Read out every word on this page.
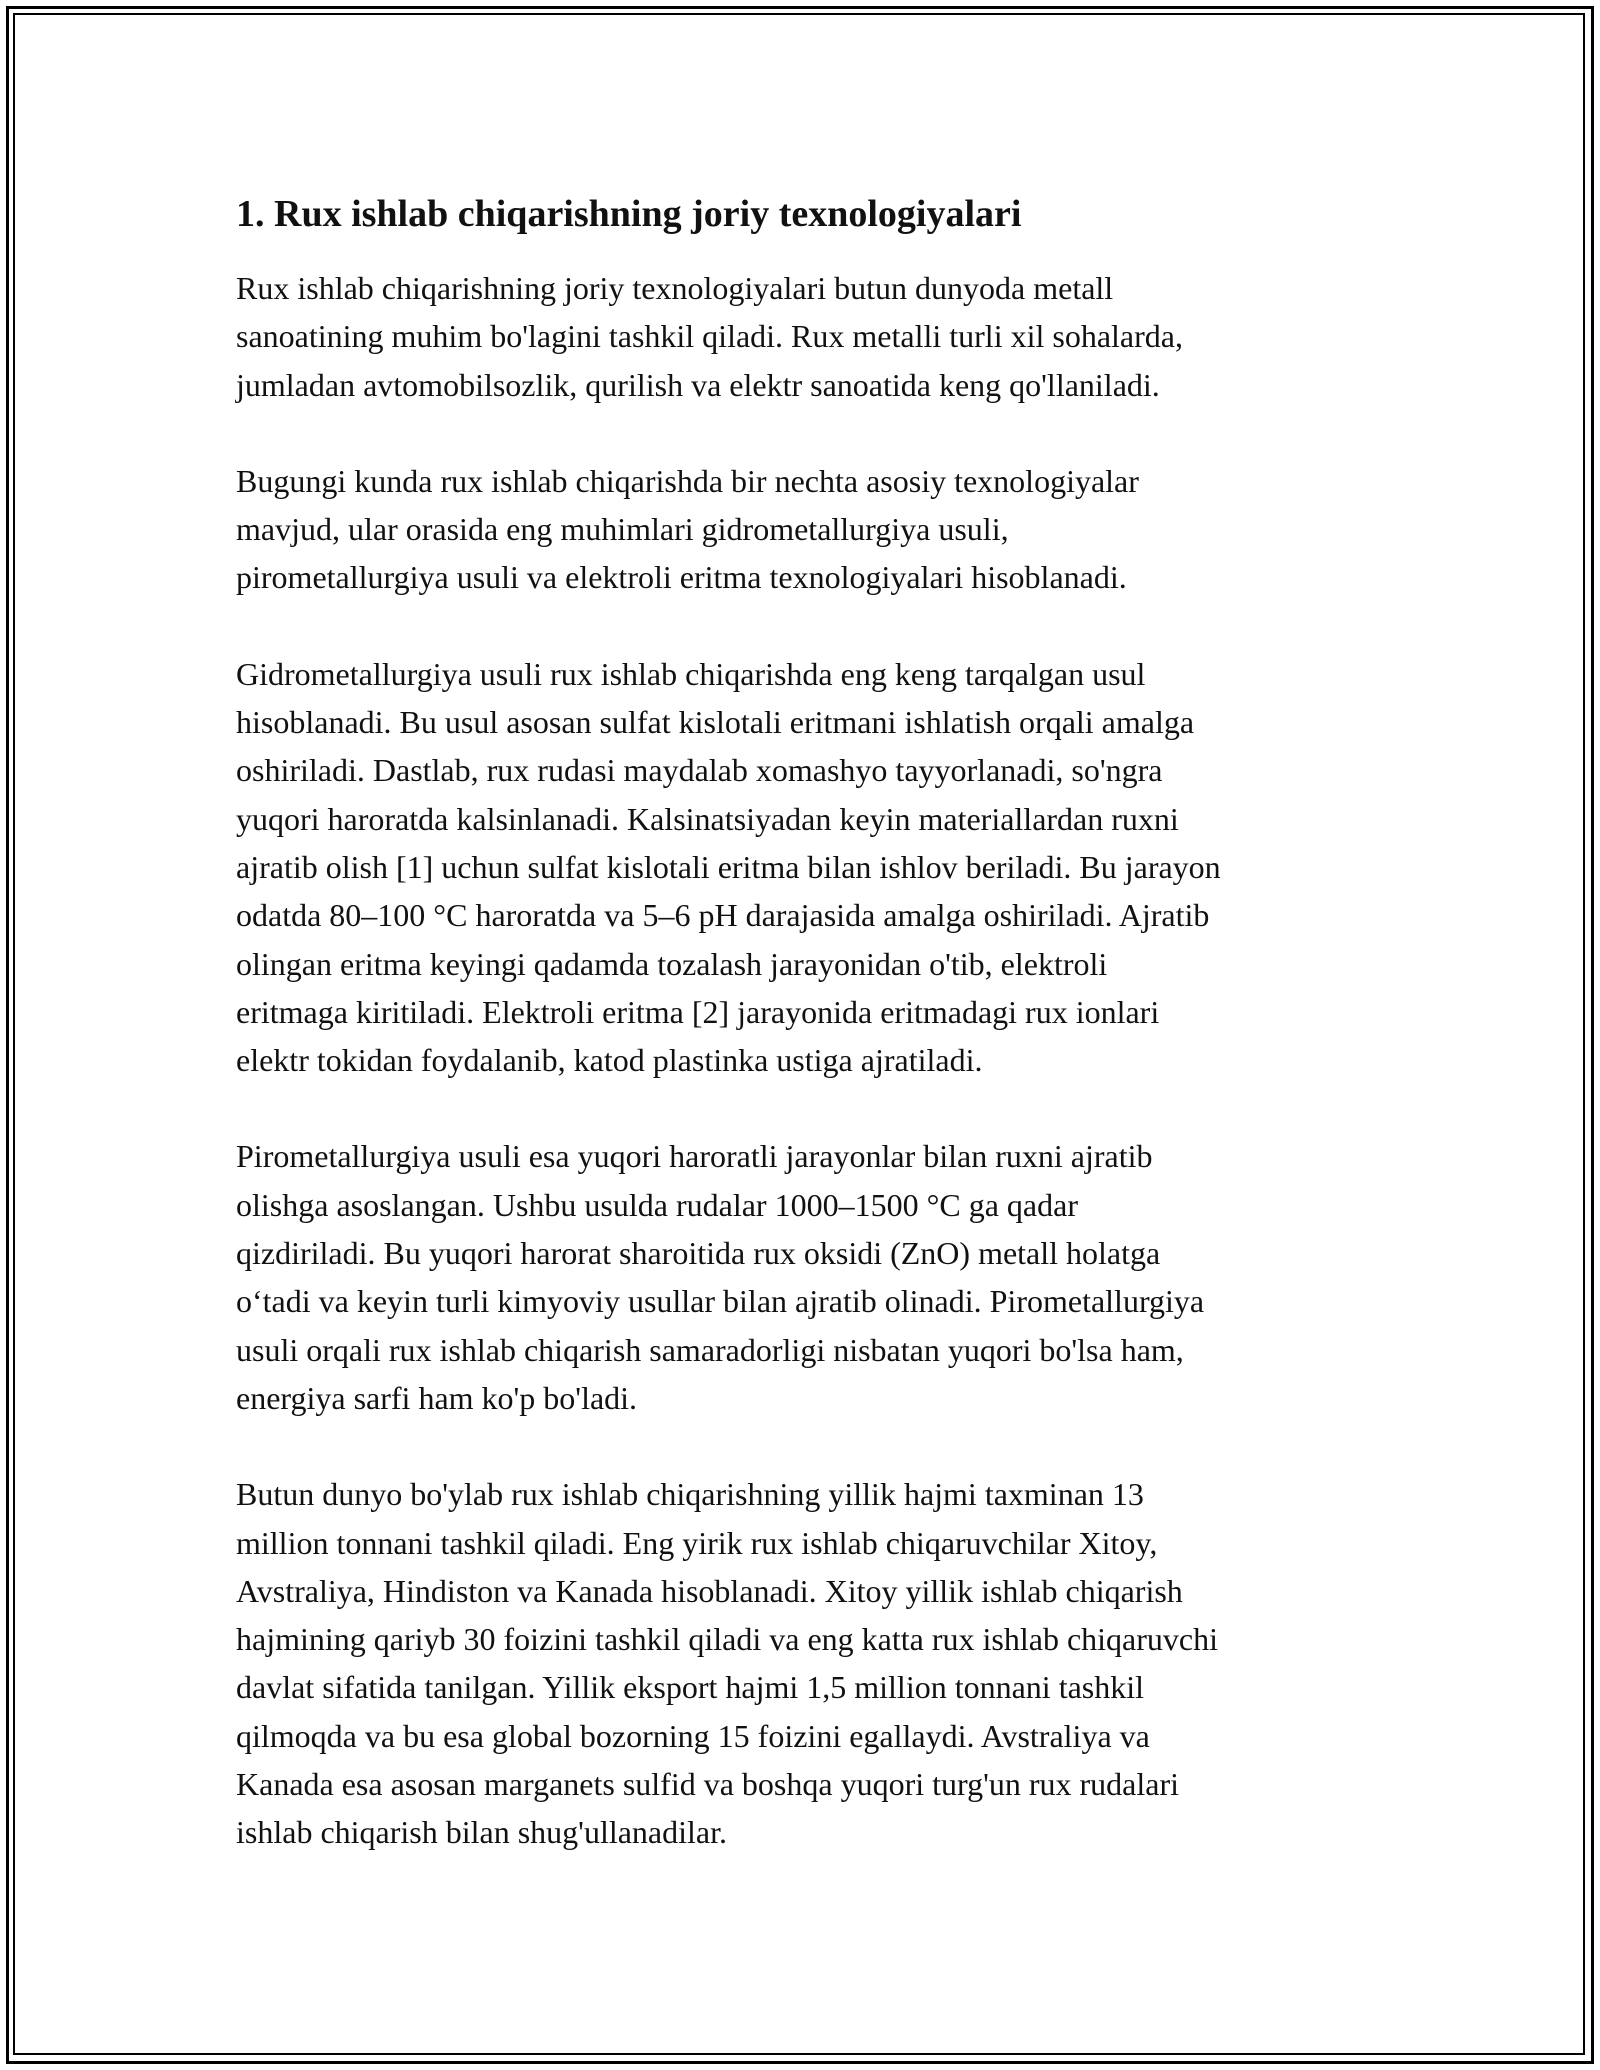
1. Rux ishlab chiqarishning joriy texnologiyalari

Rux ishlab chiqarishning joriy texnologiyalari butun dunyoda metall
sanoatining muhim bo'lagini tashkil qiladi. Rux metalli turli xil sohalarda,
jumladan avtomobilsozlik, qurilish va elektr sanoatida keng qo'llaniladi.

Bugungi kunda rux ishlab chiqarishda bir nechta asosiy texnologiyalar
mavjud, ular orasida eng muhimlari gidrometallurgiya usuli,
pirometallurgiya usuli va elektroli eritma texnologiyalari hisoblanadi.

Gidrometallurgiya usuli rux ishlab chiqarishda eng keng tarqalgan usul
hisoblanadi. Bu usul asosan sulfat kislotali eritmani ishlatish orqali amalga
oshiriladi. Dastlab, rux rudasi maydalab xomashyo tayyorlanadi, so'ngra
yuqori haroratda kalsinlanadi. Kalsinatsiyadan keyin materiallardan ruxni
ajratib olish [1] uchun sulfat kislotali eritma bilan ishlov beriladi. Bu jarayon
odatda 80–100 °C haroratda va 5–6 pH darajasida amalga oshiriladi. Ajratib
olingan eritma keyingi qadamda tozalash jarayonidan o'tib, elektroli
eritmaga kiritiladi. Elektroli eritma [2] jarayonida eritmadagi rux ionlari
elektr tokidan foydalanib, katod plastinka ustiga ajratiladi.

Pirometallurgiya usuli esa yuqori haroratli jarayonlar bilan ruxni ajratib
olishga asoslangan. Ushbu usulda rudalar 1000–1500 °C ga qadar
qizdiriladi. Bu yuqori harorat sharoitida rux oksidi (ZnO) metall holatga
o‘tadi va keyin turli kimyoviy usullar bilan ajratib olinadi. Pirometallurgiya
usuli orqali rux ishlab chiqarish samaradorligi nisbatan yuqori bo'lsa ham,
energiya sarfi ham ko'p bo'ladi.

Butun dunyo bo'ylab rux ishlab chiqarishning yillik hajmi taxminan 13
million tonnani tashkil qiladi. Eng yirik rux ishlab chiqaruvchilar Xitoy,
Avstraliya, Hindiston va Kanada hisoblanadi. Xitoy yillik ishlab chiqarish
hajmining qariyb 30 foizini tashkil qiladi va eng katta rux ishlab chiqaruvchi
davlat sifatida tanilgan. Yillik eksport hajmi 1,5 million tonnani tashkil
qilmoqda va bu esa global bozorning 15 foizini egallaydi. Avstraliya va
Kanada esa asosan marganets sulfid va boshqa yuqori turg'un rux rudalari
ishlab chiqarish bilan shug'ullanadilar.
